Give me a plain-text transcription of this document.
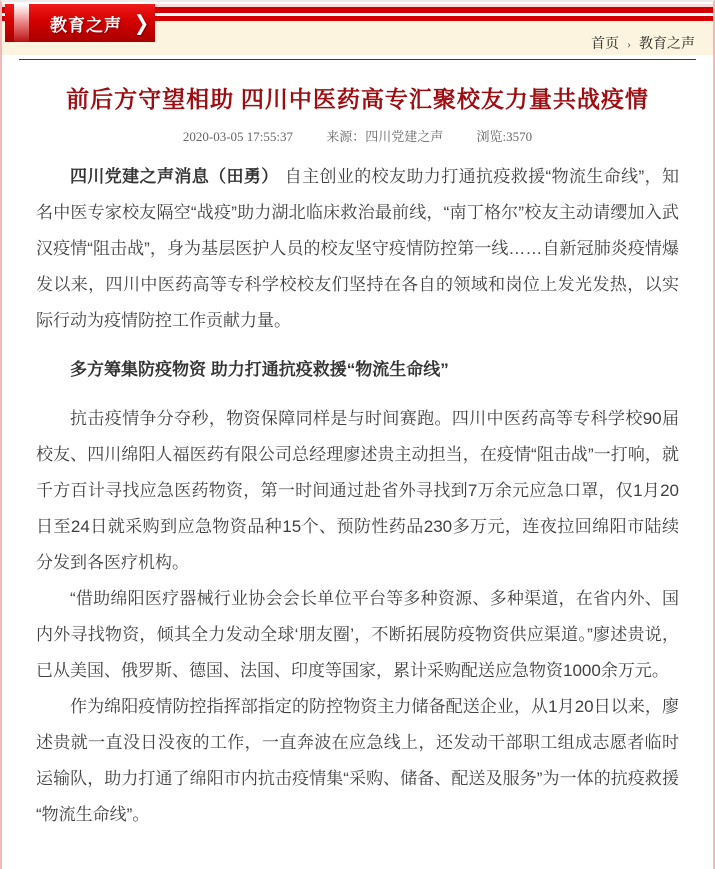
首页 › 教育之声
教育之声 ❯
前后方守望相助 四川中医药高专汇聚校友力量共战疫情
2020-03-05 17:55:37	来源：四川党建之声	浏览:3570

四川党建之声消息（田勇） 自主创业的校友助力打通抗疫救援“物流生命线”，知名中医专家校友隔空“战疫”助力湖北临床救治最前线，“南丁格尔”校友主动请缨加入武汉疫情“阻击战”，身为基层医护人员的校友坚守疫情防控第一线……自新冠肺炎疫情爆发以来，四川中医药高等专科学校校友们坚持在各自的领域和岗位上发光发热，以实际行动为疫情防控工作贡献力量。

多方筹集防疫物资 助力打通抗疫救援“物流生命线”

抗击疫情争分夺秒，物资保障同样是与时间赛跑。四川中医药高等专科学校90届校友、四川绵阳人福医药有限公司总经理廖述贵主动担当，在疫情“阻击战”一打响，就千方百计寻找应急医药物资，第一时间通过赴省外寻找到7万余元应急口罩，仅1月20日至24日就采购到应急物资品种15个、预防性药品230多万元，连夜拉回绵阳市陆续分发到各医疗机构。

“借助绵阳医疗器械行业协会会长单位平台等多种资源、多种渠道，在省内外、国内外寻找物资，倾其全力发动全球‘朋友圈’，不断拓展防疫物资供应渠道。”廖述贵说，已从美国、俄罗斯、德国、法国、印度等国家，累计采购配送应急物资1000余万元。

作为绵阳疫情防控指挥部指定的防控物资主力储备配送企业，从1月20日以来，廖述贵就一直没日没夜的工作，一直奔波在应急线上，还发动干部职工组成志愿者临时运输队，助力打通了绵阳市内抗击疫情集“采购、储备、配送及服务”为一体的抗疫救援“物流生命线”。
